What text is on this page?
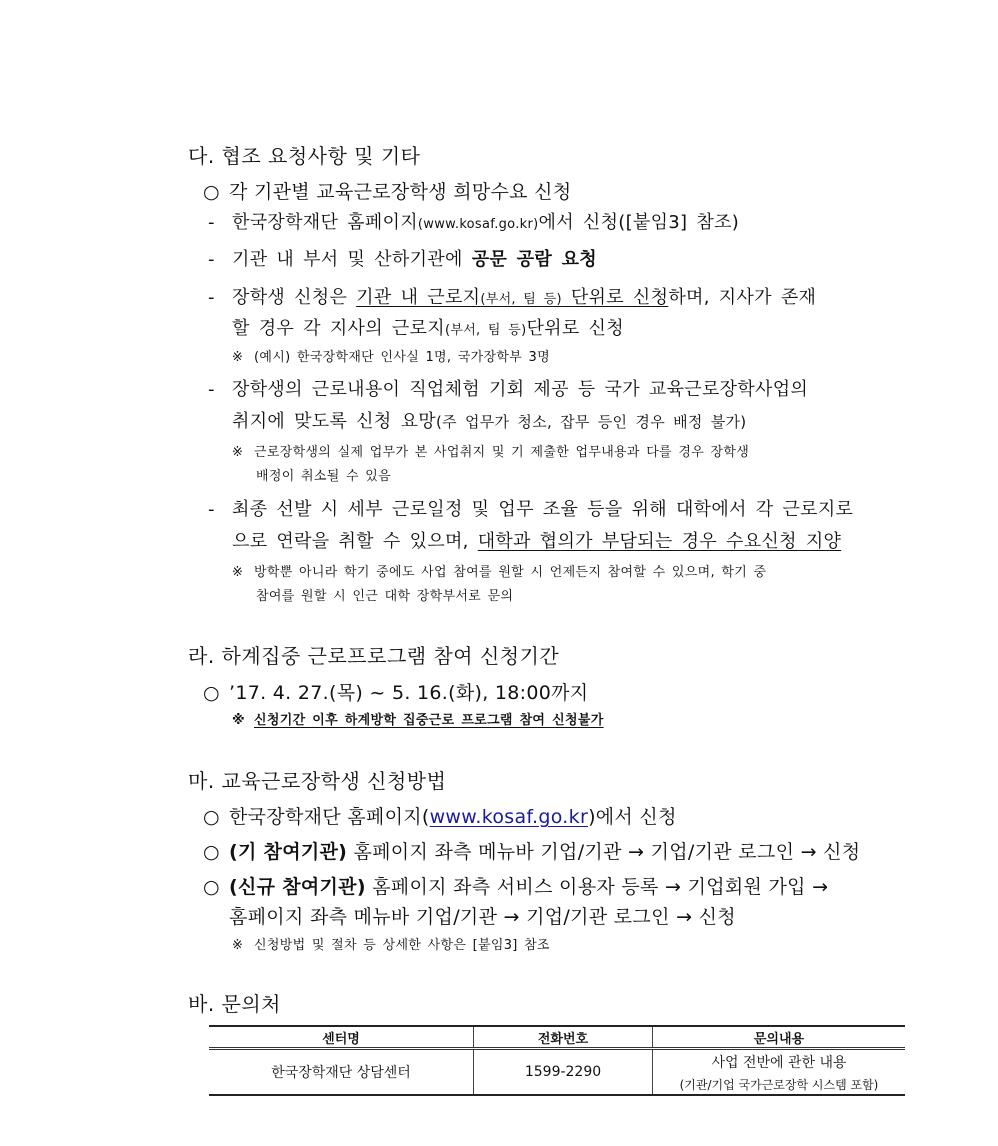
다. 협조 요청사항 및 기타
○ 각 기관별 교육근로장학생 희망수요 신청
- 한국장학재단 홈페이지(www.kosaf.go.kr)에서 신청([붙임3] 참조)
- 기관 내 부서 및 산하기관에 공문 공람 요청
- 장학생 신청은 기관 내 근로지(부서, 팀 등) 단위로 신청하며, 지사가 존재
할 경우 각 지사의 근로지(부서, 팀 등)단위로 신청
※ (예시) 한국장학재단 인사실 1명, 국가장학부 3명
- 장학생의 근로내용이 직업체험 기회 제공 등 국가 교육근로장학사업의
취지에 맞도록 신청 요망(주 업무가 청소, 잡무 등인 경우 배정 불가)
※ 근로장학생의 실제 업무가 본 사업취지 및 기 제출한 업무내용과 다를 경우 장학생
배정이 취소될 수 있음
- 최종 선발 시 세부 근로일정 및 업무 조율 등을 위해 대학에서 각 근로지로
으로 연락을 취할 수 있으며, 대학과 협의가 부담되는 경우 수요신청 지양
※ 방학뿐 아니라 학기 중에도 사업 참여를 원할 시 언제든지 참여할 수 있으며, 학기 중
참여를 원할 시 인근 대학 장학부서로 문의
라. 하계집중 근로프로그램 참여 신청기간
○ ’17. 4. 27.(목) ~ 5. 16.(화), 18:00까지
※ 신청기간 이후 하계방학 집중근로 프로그램 참여 신청불가
마. 교육근로장학생 신청방법
○ 한국장학재단 홈페이지(www.kosaf.go.kr)에서 신청
○ (기 참여기관) 홈페이지 좌측 메뉴바 기업/기관 → 기업/기관 로그인 → 신청
○ (신규 참여기관) 홈페이지 좌측 서비스 이용자 등록 → 기업회원 가입 →
홈페이지 좌측 메뉴바 기업/기관 → 기업/기관 로그인 → 신청
※ 신청방법 및 절차 등 상세한 사항은 [붙임3] 참조
바. 문의처
센터명	전화번호	문의내용
한국장학재단 상담센터	1599-2290	사업 전반에 관한 내용
(기관/기업 국가근로장학 시스템 포함)
